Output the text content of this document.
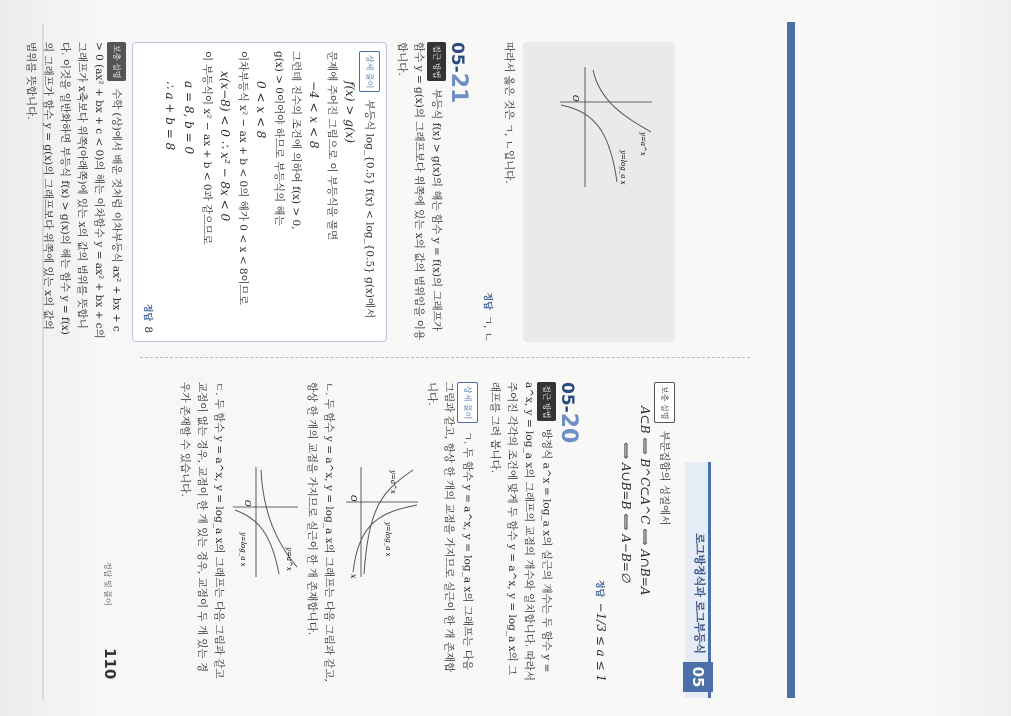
로그방정식과 로그부등식
05
보충 설명 부분집합의 성질에서
A⊂B ⟺ B^C⊂A^C ⟺ A∩B=A
⟺ A∪B=B ⟺ A−B=∅
정답 −1/3 ≤ a ≤ 1
05-20
접근 방법 방정식 a^x = log_a x의 실근의 개수는 두 함수 y = a^x, y = log_a x의 그래프의 교점의 개수와 일치합니다. 따라서 주어진 각각의 조건에 맞게 두 함수 y = a^x, y = log_a x의 그래프를 그려 봅니다.
상세 풀이 ㄱ. 두 함수 y = a^x, y = log_a x의 그래프는 다음 그림과 같고, 항상 한 개의 교점을 가지므로 실근이 한 개 존재합니다.
O
x
y=log_a x
y=a^x
ㄴ. 두 함수 y = a^x, y = log_a x의 그래프는 다음 그림과 같고, 항상 한 개의 교점을 가지므로 실근이 한 개 존재합니다.
O
y=a^x
y=log_a x
ㄷ. 두 함수 y = a^x, y = log_a x의 그래프는 다음 그림과 같고 교점이 없는 경우, 교점이 한 개 있는 경우, 교점이 두 개 있는 경우가 존재할 수 있습니다.
y=a^x
y=log_a x
O
따라서 옳은 것은 ㄱ, ㄴ입니다.
정답 ㄱ, ㄴ
05-21
접근 방법 부등식 f(x) > g(x)의 해는 함수 y = f(x)의 그래프가 함수 y = g(x)의 그래프보다 위쪽에 있는 x의 값의 범위임을 이용합니다.
상세 풀이 부등식 log_{0.5} f(x) < log_{0.5} g(x)에서
f(x) > g(x)
문제에 주어진 그림으로 이 부등식을 풀면
−4 < x < 8
그런데 진수의 조건에 의하여 f(x) > 0,
g(x) > 0이어야 하므로 부등식의 해는
0 < x < 8
이차부등식 x² − ax + b < 0의 해가 0 < x < 8이므로
x(x−8) < 0 ∴ x² − 8x < 0
이 부등식이 x² − ax + b < 0과 같으므로
a = 8, b = 0
∴ a + b = 8
정답 8
보충 설명 수학 (상)에서 배운 것처럼 이차부등식 ax² + bx + c > 0 (ax² + bx + c < 0)의 해는 이차함수 y = ax² + bx + c의 그래프가 x축보다 위쪽(아래쪽)에 있는 x의 값의 범위를 뜻합니다. 이것을 일반화하면 부등식 f(x) > g(x)의 해는 함수 y = f(x)의 그래프가 함수 y = g(x)의 그래프보다 위쪽에 있는 x의 값의 범위를 뜻합니다.
110
정답 및 풀이
